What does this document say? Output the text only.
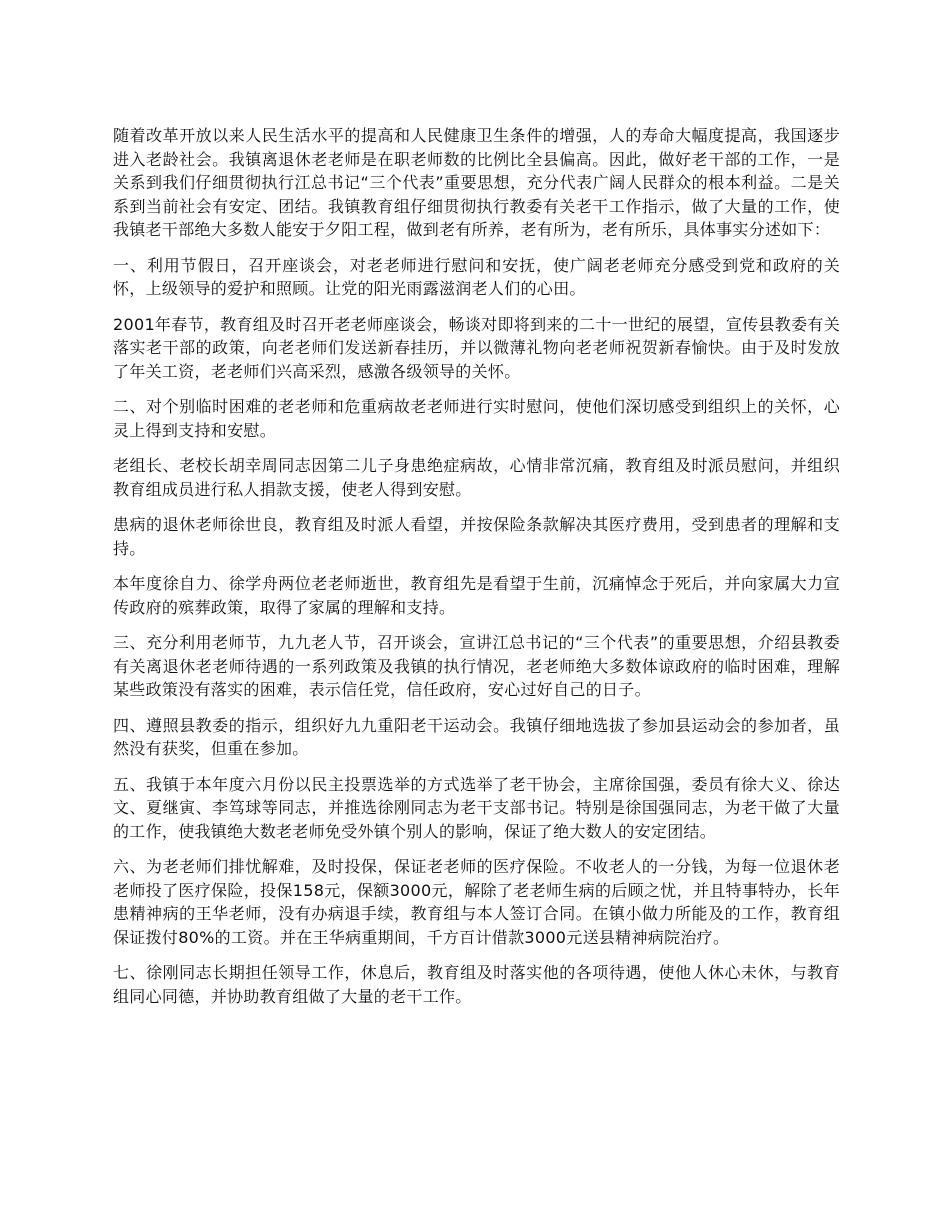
随着改革开放以来人民生活水平的提高和人民健康卫生条件的增强，人的寿命大幅度提高，我国逐步进入老龄社会。我镇离退休老老师是在职老师数的比例比全县偏高。因此，做好老干部的工作，一是关系到我们仔细贯彻执行江总书记“三个代表”重要思想，充分代表广阔人民群众的根本利益。二是关系到当前社会有安定、团结。我镇教育组仔细贯彻执行教委有关老干工作指示，做了大量的工作，使我镇老干部绝大多数人能安于夕阳工程，做到老有所养，老有所为，老有所乐，具体事实分述如下：

一、利用节假日，召开座谈会，对老老师进行慰问和安抚，使广阔老老师充分感受到党和政府的关怀，上级领导的爱护和照顾。让党的阳光雨露滋润老人们的心田。

2001年春节，教育组及时召开老老师座谈会，畅谈对即将到来的二十一世纪的展望，宣传县教委有关落实老干部的政策，向老老师们发送新春挂历，并以微薄礼物向老老师祝贺新春愉快。由于及时发放了年关工资，老老师们兴高采烈，感激各级领导的关怀。

二、对个别临时困难的老老师和危重病故老老师进行实时慰问，使他们深切感受到组织上的关怀，心灵上得到支持和安慰。

老组长、老校长胡幸周同志因第二儿子身患绝症病故，心情非常沉痛，教育组及时派员慰问，并组织教育组成员进行私人捐款支援，使老人得到安慰。

患病的退休老师徐世良，教育组及时派人看望，并按保险条款解决其医疗费用，受到患者的理解和支持。

本年度徐自力、徐学舟两位老老师逝世，教育组先是看望于生前，沉痛悼念于死后，并向家属大力宣传政府的殡葬政策，取得了家属的理解和支持。

三、充分利用老师节，九九老人节，召开谈会，宣讲江总书记的“三个代表”的重要思想，介绍县教委有关离退休老老师待遇的一系列政策及我镇的执行情况，老老师绝大多数体谅政府的临时困难，理解某些政策没有落实的困难，表示信任党，信任政府，安心过好自己的日子。

四、遵照县教委的指示，组织好九九重阳老干运动会。我镇仔细地选拔了参加县运动会的参加者，虽然没有获奖，但重在参加。

五、我镇于本年度六月份以民主投票选举的方式选举了老干协会，主席徐国强，委员有徐大义、徐达文、夏继寅、李笃球等同志，并推选徐刚同志为老干支部书记。特别是徐国强同志，为老干做了大量的工作，使我镇绝大数老老师免受外镇个别人的影响，保证了绝大数人的安定团结。

六、为老老师们排忧解难，及时投保，保证老老师的医疗保险。不收老人的一分钱，为每一位退休老老师投了医疗保险，投保158元，保额3000元，解除了老老师生病的后顾之忧，并且特事特办，长年患精神病的王华老师，没有办病退手续，教育组与本人签订合同。在镇小做力所能及的工作，教育组保证拨付80%的工资。并在王华病重期间，千方百计借款3000元送县精神病院治疗。

七、徐刚同志长期担任领导工作，休息后，教育组及时落实他的各项待遇，使他人休心未休，与教育组同心同德，并协助教育组做了大量的老干工作。
